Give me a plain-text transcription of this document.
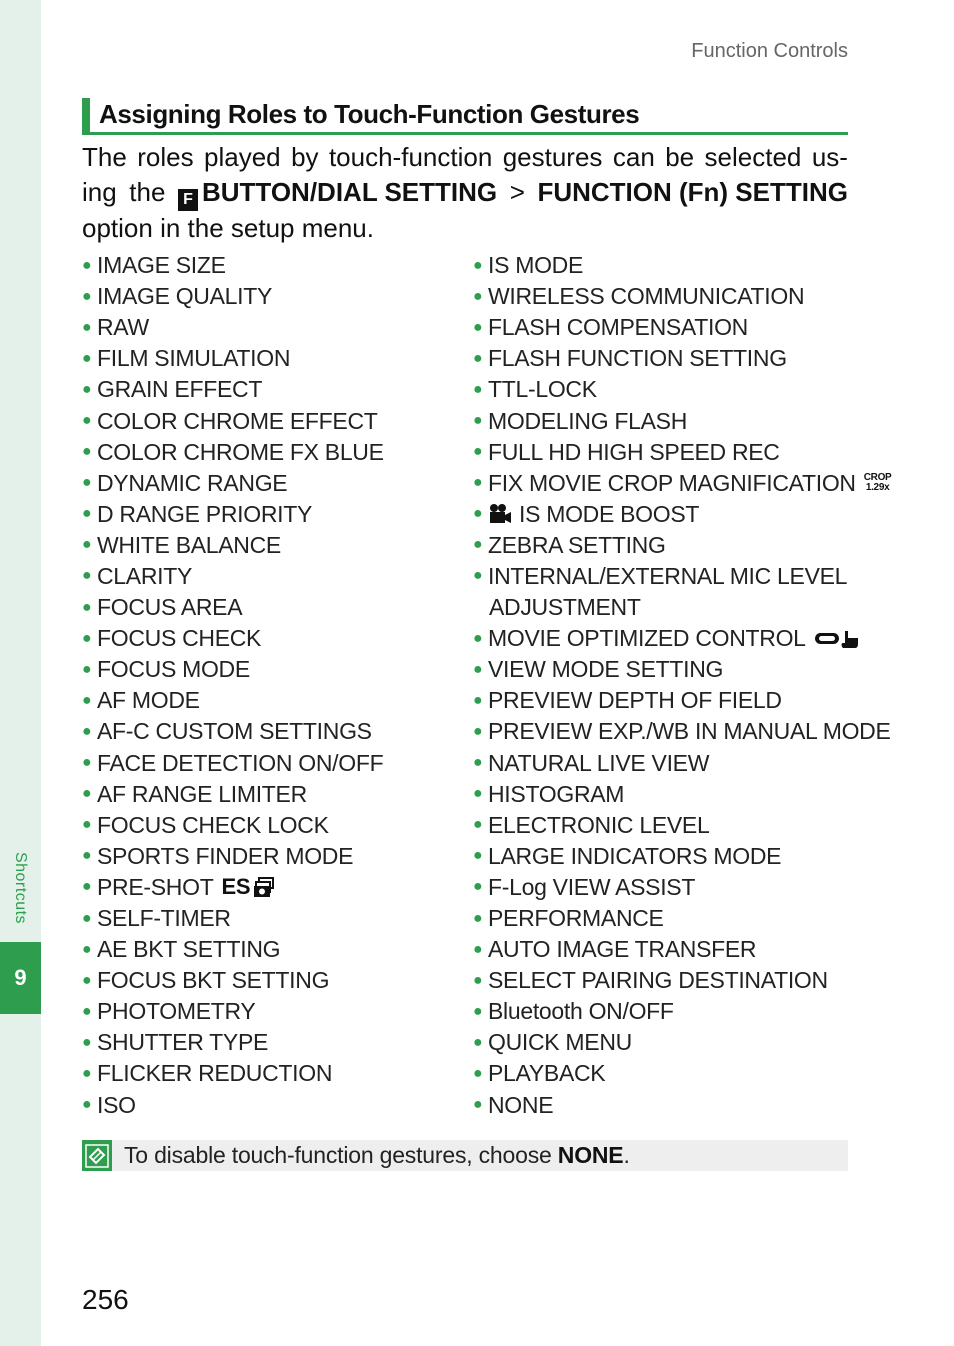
Shortcuts
9
Function Controls
Assigning Roles to Touch-Function Gestures
The roles played by touch-function gestures can be selected us-
ing the	F BUTTON/DIAL SETTING > FUNCTION (Fn) SETTING
option in the setup menu.
● IMAGE SIZE
● IMAGE QUALITY
● RAW
● FILM SIMULATION
● GRAIN EFFECT
● COLOR CHROME EFFECT
● COLOR CHROME FX BLUE
● DYNAMIC RANGE
● D RANGE PRIORITY
● WHITE BALANCE
● CLARITY
● FOCUS AREA
● FOCUS CHECK
● FOCUS MODE
● AF MODE
● AF-C CUSTOM SETTINGS
● FACE DETECTION ON/OFF
● AF RANGE LIMITER
● FOCUS CHECK LOCK
● SPORTS FINDER MODE
● PRE-SHOT ES
● SELF-TIMER
● AE BKT SETTING
● FOCUS BKT SETTING
● PHOTOMETRY
● SHUTTER TYPE
● FLICKER REDUCTION
● ISO
● IS MODE
● WIRELESS COMMUNICATION
● FLASH COMPENSATION
● FLASH FUNCTION SETTING
● TTL-LOCK
● MODELING FLASH
● FULL HD HIGH SPEED REC
● FIX MOVIE CROP MAGNIFICATION CROP
1.29x
● IS MODE BOOST
● ZEBRA SETTING
● INTERNAL/EXTERNAL MIC LEVEL
ADJUSTMENT
● MOVIE OPTIMIZED CONTROL
● VIEW MODE SETTING
● PREVIEW DEPTH OF FIELD
● PREVIEW EXP./WB IN MANUAL MODE
● NATURAL LIVE VIEW
● HISTOGRAM
● ELECTRONIC LEVEL
● LARGE INDICATORS MODE
● F-Log VIEW ASSIST
● PERFORMANCE
● AUTO IMAGE TRANSFER
● SELECT PAIRING DESTINATION
● Bluetooth ON/OFF
● QUICK MENU
● PLAYBACK
● NONE
To disable touch-function gestures, choose NONE.
256
